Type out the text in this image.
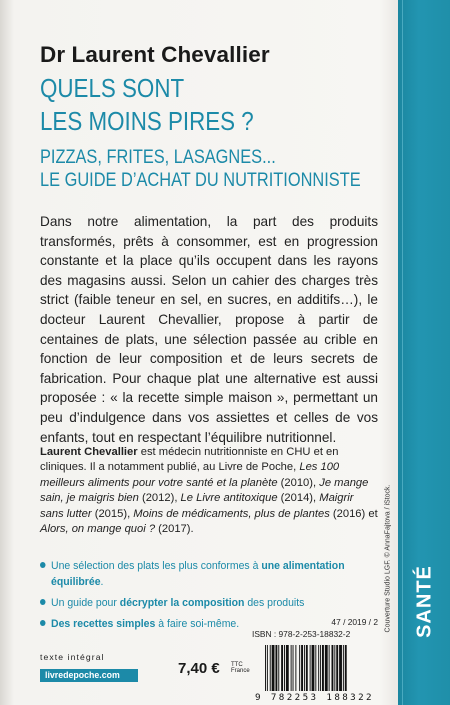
Dr Laurent Chevallier
QUELS SONT
LES MOINS PIRES ?
PIZZAS, FRITES, LASAGNES...
LE GUIDE D’ACHAT DU NUTRITIONNISTE

Dans notre alimentation, la part des produits transformés, prêts à consommer, est en progression constante et la place qu’ils occupent dans les rayons des magasins aussi. Selon un cahier des charges très strict (faible teneur en sel, en sucres, en additifs…), le docteur Laurent Chevallier, propose à partir de centaines de plats, une sélection passée au crible en fonction de leur composition et de leurs secrets de fabrication. Pour chaque plat une alternative est aussi proposée : « la recette simple maison », permettant un peu d’indulgence dans vos assiettes et celles de vos enfants, tout en respectant l’équilibre nutritionnel.

Laurent Chevallier est médecin nutritionniste en CHU et en cliniques. Il a notamment publié, au Livre de Poche, Les 100 meilleurs aliments pour votre santé et la planète (2010), Je mange sain, je maigris bien (2012), Le Livre antitoxique (2014), Maigrir sans lutter (2015), Moins de médicaments, plus de plantes (2016) et Alors, on mange quoi ? (2017).

Une sélection des plats les plus conformes à une alimentation équilibrée.
Un guide pour décrypter la composition des produits
Des recettes simples à faire soi-même.
texte intégral
livredepoche.com	7,40 € TTC
France
47 / 2019 / 2
ISBN : 978-2-253-18832-2
9 782253 188322
Couverture Studio LGF. © AnnaFajtova / iStock. SANTÉ
